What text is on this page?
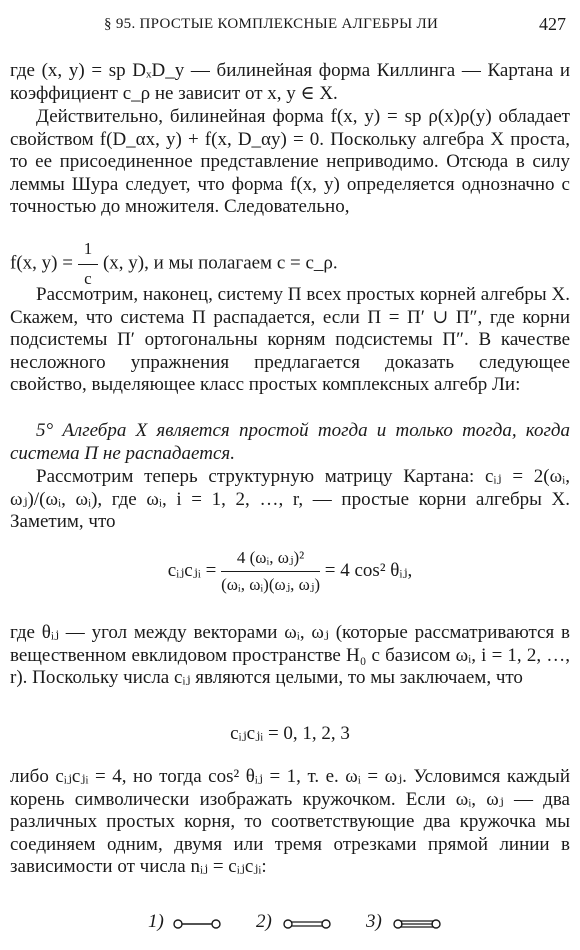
§ 95. ПРОСТЫЕ КОМПЛЕКСНЫЕ АЛГЕБРЫ ЛИ	427

где (x, y) = sp DₓD_y — билинейная форма Киллинга — Картана и коэффициент c_ρ не зависит от x, y ∈ X.

Действительно, билинейная форма f(x, y) = sp ρ(x)ρ(y) обладает свойством f(D_αx, y) + f(x, D_αy) = 0. Поскольку алгебра X проста, то ее присоединенное представление неприводимо. Отсюда в силу леммы Шура следует, что форма f(x, y) определяется однозначно с точностью до множителя. Следовательно,

f(x, $y) = \frac{1}{c} (x$, y), и мы полагаем c = c_ρ.

Рассмотрим, наконец, систему Π всех простых корней алгебры X. Скажем, что система Π распадается, если Π = Π′ ∪ Π″, где корни подсистемы Π′ ортогональны корням подсистемы Π″. В качестве несложного упражнения предлагается доказать следующее свойство, выделяющее класс простых комплексных алгебр Ли:

5° Алгебра X является простой тогда и только тогда, когда система Π не распадается.

Рассмотрим теперь структурную матрицу Картана: cᵢⱼ = 2(ωᵢ, ωⱼ)/(ωᵢ, ωᵢ), где ωᵢ, i = 1, 2, …, r, — простые корни алгебры X. Заметим, что

cᵢⱼcⱼᵢ = $\frac{\text{4 (ωᵢ, ωⱼ)²}}{\text{(ωᵢ, ωᵢ)(ωⱼ, ωⱼ)}} = 4$ cos² θᵢⱼ,

где θᵢⱼ — угол между векторами ωᵢ, ωⱼ (которые рассматриваются в вещественном евклидовом пространстве H₀ с базисом ωᵢ, i = 1, 2, …, r). Поскольку числа cᵢⱼ являются целыми, то мы заключаем, что

cᵢⱼcⱼᵢ = 0, 1, 2, 3

либо cᵢⱼcⱼᵢ = 4, но тогда cos² θᵢⱼ = 1, т. е. ωᵢ = ωⱼ. Условимся каждый корень символически изображать кружочком. Если ωᵢ, ωⱼ — два различных простых корня, то соответствующие два кружочка мы соединяем одним, двумя или тремя отрезками прямой линии в зависимости от числа nᵢⱼ = cᵢⱼcⱼᵢ:

1)	2)	3)
